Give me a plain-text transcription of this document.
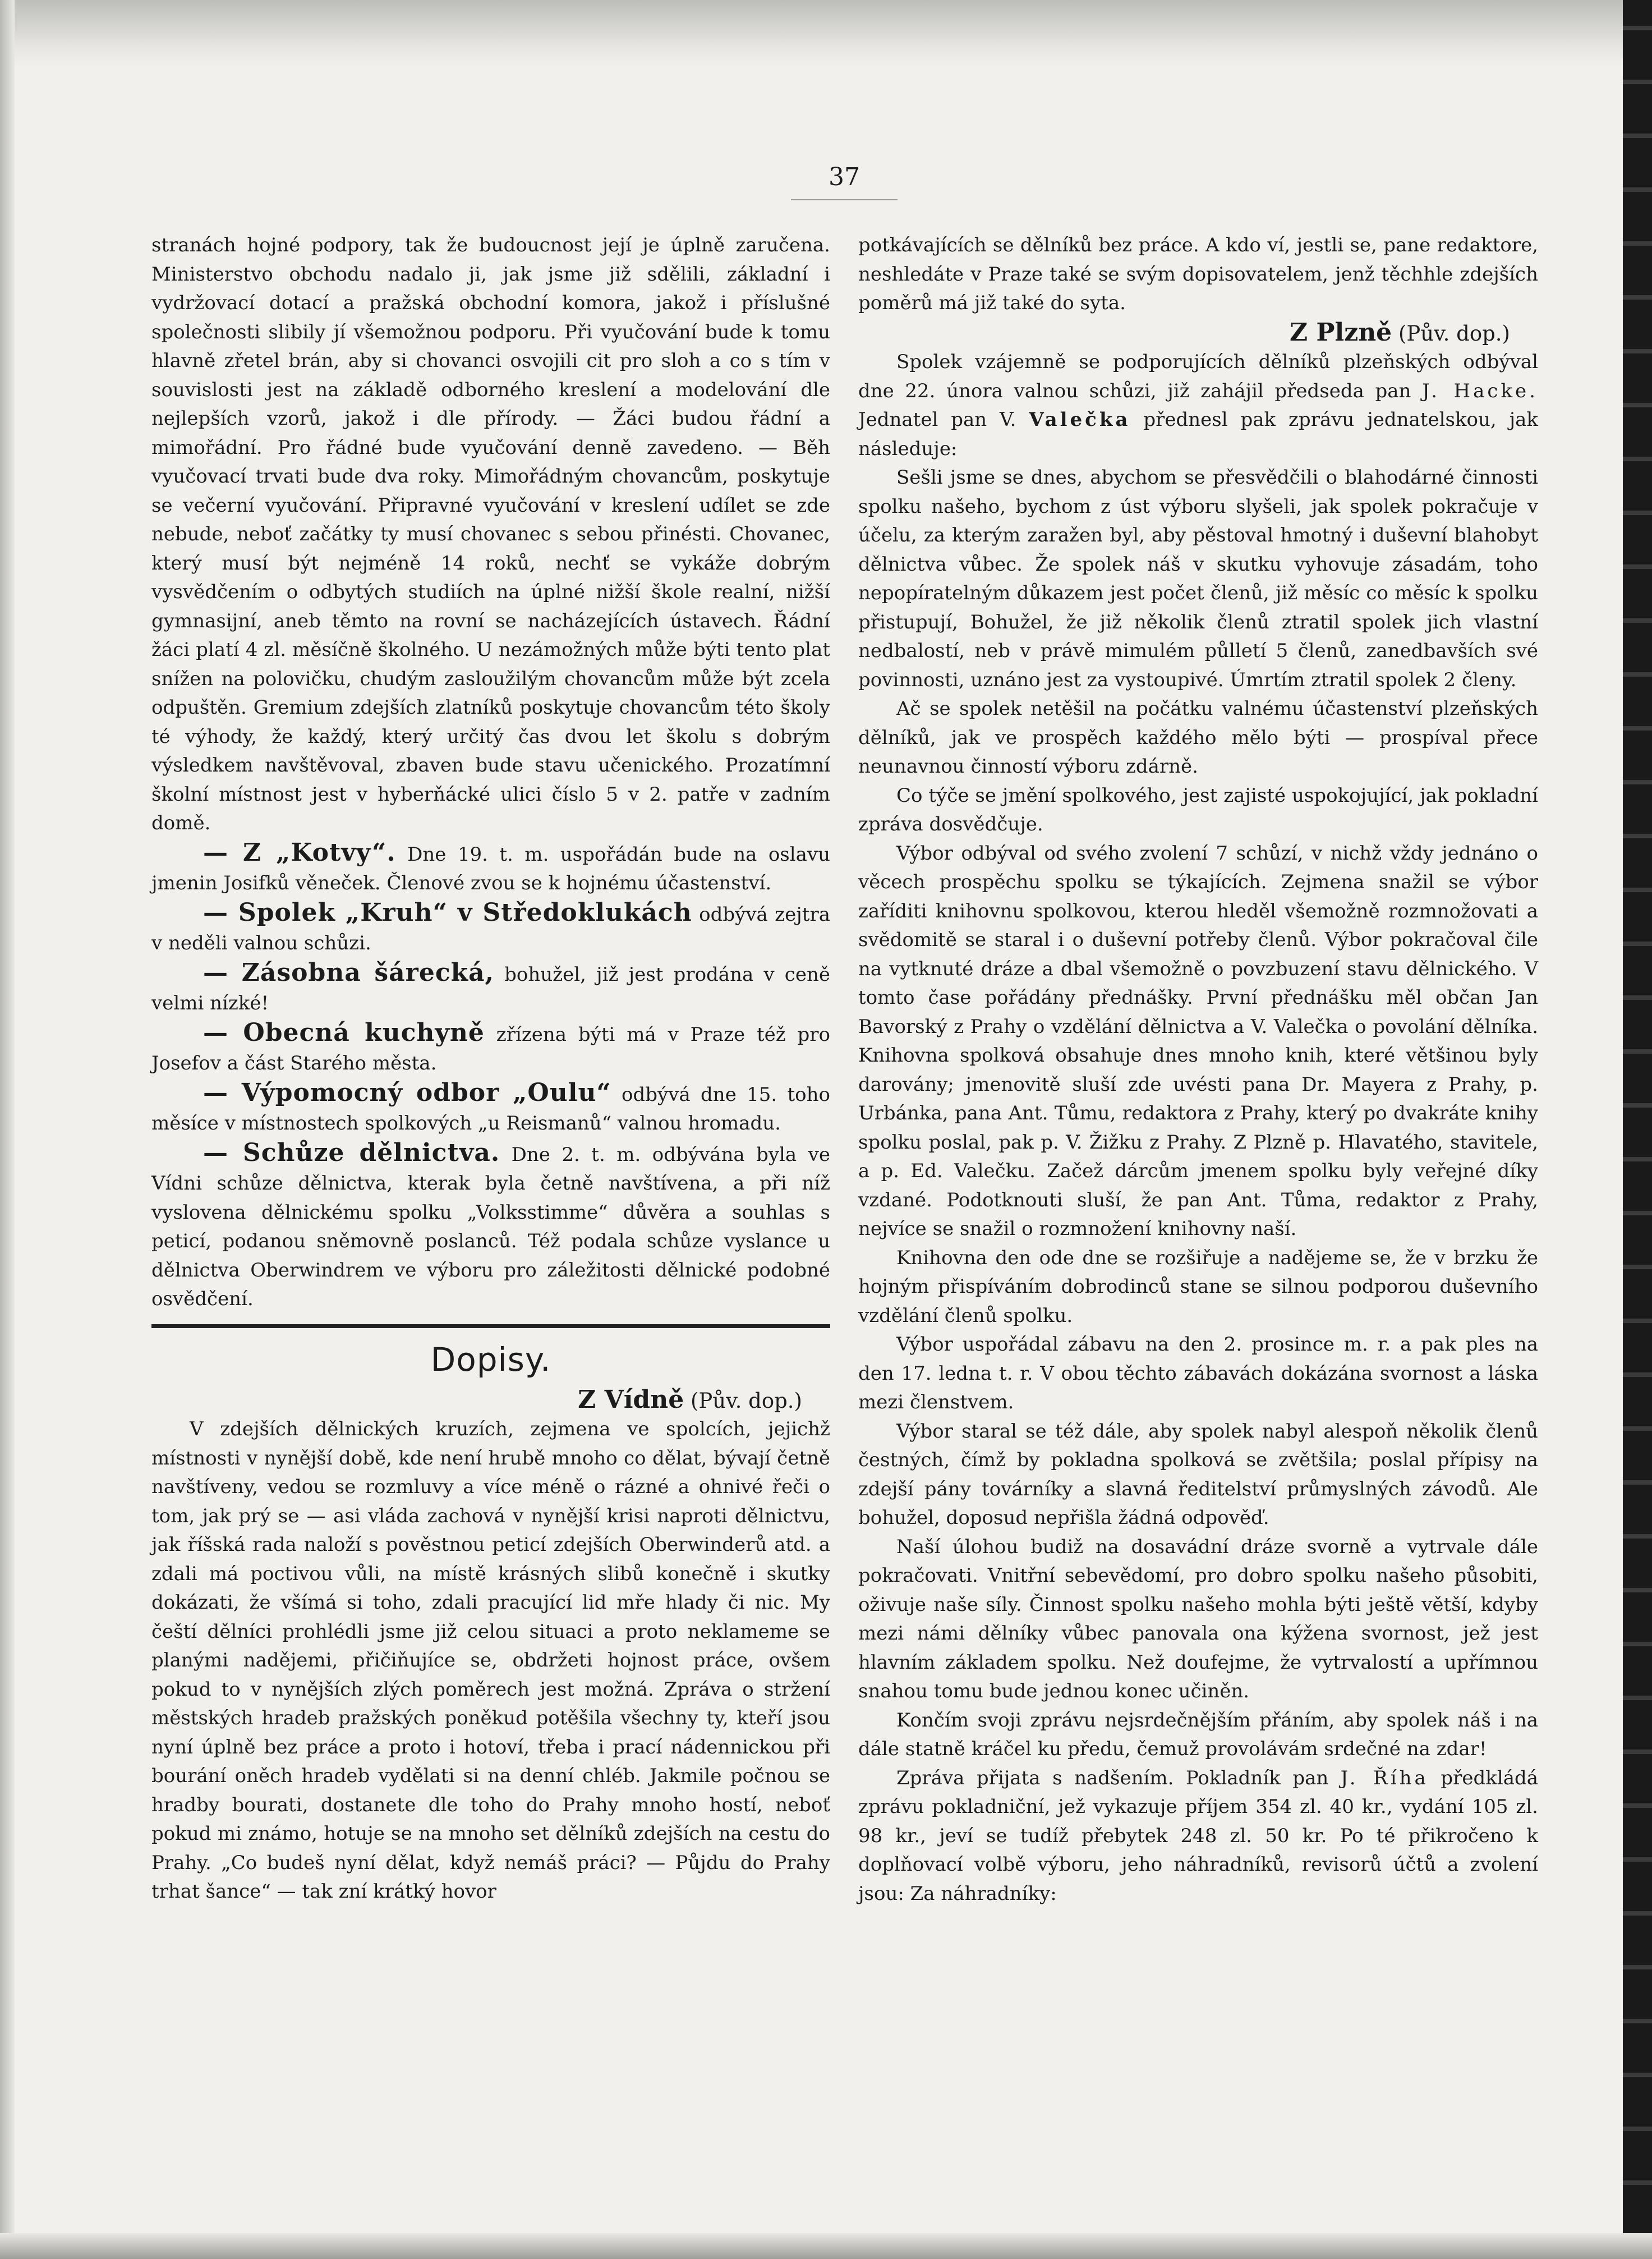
37

stranách hojné podpory, tak že budoucnost její je úplně zaručena. Ministerstvo obchodu nadalo ji, jak jsme již sdělili, základní i vydržovací dotací a pražská obchodní komora, jakož i příslušné společnosti slibily jí všemožnou podporu. Při vyučování bude k tomu hlavně zřetel brán, aby si chovanci osvojili cit pro sloh a co s tím v souvislosti jest na základě odborného kreslení a modelování dle nejlepších vzorů, jakož i dle přírody. — Žáci budou řádní a mimořádní. Pro řádné bude vyučování denně zavedeno. — Běh vyučovací trvati bude dva roky. Mimořádným chovancům, poskytuje se večerní vyučování. Připravné vyučování v kreslení udílet se zde nebude, neboť začátky ty musí chovanec s sebou přinésti. Chovanec, který musí být nejméně 14 roků, nechť se vykáže dobrým vysvědčením o odbytých studiích na úplné nižší škole realní, nižší gymnasijní, aneb těmto na rovní se nacházejících ústavech. Řádní žáci platí 4 zl. měsíčně školného. U nezámožných může býti tento plat snížen na polovičku, chudým zasloužilým chovancům může být zcela odpuštěn. Gremium zdejších zlatníků poskytuje chovancům této školy té výhody, že každý, který určitý čas dvou let školu s dobrým výsledkem navštěvoval, zbaven bude stavu učenického. Prozatímní školní místnost jest v hyberňácké ulici číslo 5 v 2. patře v zadním domě.

— Z „Kotvy“. Dne 19. t. m. uspořádán bude na oslavu jmenin Josifků věneček. Členové zvou se k hojnému účastenství.

— Spolek „Kruh“ v Středoklukách odbývá zejtra v neděli valnou schůzi.

— Zásobna šárecká, bohužel, již jest prodána v ceně velmi nízké!

— Obecná kuchyně zřízena býti má v Praze též pro Josefov a část Starého města.

— Výpomocný odbor „Oulu“ odbývá dne 15. toho měsíce v místnostech spolkových „u Reismanů“ valnou hromadu.

— Schůze dělnictva. Dne 2. t. m. odbývána byla ve Vídni schůze dělnictva, kterak byla četně navštívena, a při níž vyslovena dělnickému spolku „Volksstimme“ důvěra a souhlas s peticí, podanou sněmovně poslanců. Též podala schůze vyslance u dělnictva Oberwindrem ve výboru pro záležitosti dělnické podobné osvědčení.

Dopisy.
Z Vídně (Pův. dop.)

V zdejších dělnických kruzích, zejmena ve spolcích, jejichž místnosti v nynější době, kde není hrubě mnoho co dělat, bývají četně navštíveny, vedou se rozmluvy a více méně o rázné a ohnivé řeči o tom, jak prý se — asi vláda zachová v nynější krisi naproti dělnictvu, jak říšská rada naloží s pověstnou peticí zdejších Oberwinderů atd. a zdali má poctivou vůli, na místě krásných slibů konečně i skutky dokázati, že všímá si toho, zdali pracující lid mře hlady či nic. My čeští dělníci prohlédli jsme již celou situaci a proto neklameme se planými nadějemi, přičiňujíce se, obdržeti hojnost práce, ovšem pokud to v nynějších zlých poměrech jest možná. Zpráva o stržení městských hradeb pražských poněkud potěšila všechny ty, kteří jsou nyní úplně bez práce a proto i hotoví, třeba i prací nádennickou při bourání oněch hradeb vydělati si na denní chléb. Jakmile počnou se hradby bourati, dostanete dle toho do Prahy mnoho hostí, neboť pokud mi známo, hotuje se na mnoho set dělníků zdejších na cestu do Prahy. „Co budeš nyní dělat, když nemáš práci? — Půjdu do Prahy trhat šance“ — tak zní krátký hovor

potkávajících se dělníků bez práce. A kdo ví, jestli se, pane redaktore, neshledáte v Praze také se svým dopisovatelem, jenž těchhle zdejších poměrů má již také do syta.

Z Plzně (Pův. dop.)

Spolek vzájemně se podporujících dělníků plzeňských odbýval dne 22. února valnou schůzi, již zahájil předseda pan J. Hacke. Jednatel pan V. Valečka přednesl pak zprávu jednatelskou, jak následuje:

Sešli jsme se dnes, abychom se přesvědčili o blahodárné činnosti spolku našeho, bychom z úst výboru slyšeli, jak spolek pokračuje v účelu, za kterým zaražen byl, aby pěstoval hmotný i duševní blahobyt dělnictva vůbec. Že spolek náš v skutku vyhovuje zásadám, toho nepopíratelným důkazem jest počet členů, již měsíc co měsíc k spolku přistupují, Bohužel, že již několik členů ztratil spolek jich vlastní nedbalostí, neb v právě mimulém půlletí 5 členů, zanedbavších své povinnosti, uznáno jest za vystoupivé. Úmrtím ztratil spolek 2 členy.

Ač se spolek netěšil na počátku valnému účastenství plzeňských dělníků, jak ve prospěch každého mělo býti — prospíval přece neunavnou činností výboru zdárně.

Co týče se jmění spolkového, jest zajisté uspokojující, jak pokladní zpráva dosvědčuje.

Výbor odbýval od svého zvolení 7 schůzí, v nichž vždy jednáno o věcech prospěchu spolku se týkajících. Zejmena snažil se výbor zaříditi knihovnu spolkovou, kterou hleděl všemožně rozmnožovati a svědomitě se staral i o duševní potřeby členů. Výbor pokračoval čile na vytknuté dráze a dbal všemožně o povzbuzení stavu dělnického. V tomto čase pořádány přednášky. První přednášku měl občan Jan Bavorský z Prahy o vzdělání dělnictva a V. Valečka o povolání dělníka. Knihovna spolková obsahuje dnes mnoho knih, které většinou byly darovány; jmenovitě sluší zde uvésti pana Dr. Mayera z Prahy, p. Urbánka, pana Ant. Tůmu, redaktora z Prahy, který po dvakráte knihy spolku poslal, pak p. V. Žižku z Prahy. Z Plzně p. Hlavatého, stavitele, a p. Ed. Valečku. Začež dárcům jmenem spolku byly veřejné díky vzdané. Podotknouti sluší, že pan Ant. Tůma, redaktor z Prahy, nejvíce se snažil o rozmnožení knihovny naší.

Knihovna den ode dne se rozšiřuje a nadějeme se, že v brzku že hojným přispíváním dobrodinců stane se silnou podporou duševního vzdělání členů spolku.

Výbor uspořádal zábavu na den 2. prosince m. r. a pak ples na den 17. ledna t. r. V obou těchto zábavách dokázána svornost a láska mezi členstvem.

Výbor staral se též dále, aby spolek nabyl alespoň několik členů čestných, čímž by pokladna spolková se zvětšila; poslal přípisy na zdejší pány továrníky a slavná ředitelství průmyslných závodů. Ale bohužel, doposud nepřišla žádná odpověď.

Naší úlohou budiž na dosavádní dráze svorně a vytrvale dále pokračovati. Vnitřní sebevědomí, pro dobro spolku našeho působiti, oživuje naše síly. Činnost spolku našeho mohla býti ještě větší, kdyby mezi námi dělníky vůbec panovala ona kýžena svornost, jež jest hlavním základem spolku. Než doufejme, že vytrvalostí a upřímnou snahou tomu bude jednou konec učiněn.

Končím svoji zprávu nejsrdečnějším přáním, aby spolek náš i na dále statně kráčel ku předu, čemuž provolávám srdečné na zdar!

Zpráva přijata s nadšením. Pokladník pan J. Říha předkládá zprávu pokladniční, jež vykazuje příjem 354 zl. 40 kr., vydání 105 zl. 98 kr., jeví se tudíž přebytek 248 zl. 50 kr. Po té přikročeno k doplňovací volbě výboru, jeho náhradníků, revisorů účtů a zvolení jsou: Za náhradníky:
